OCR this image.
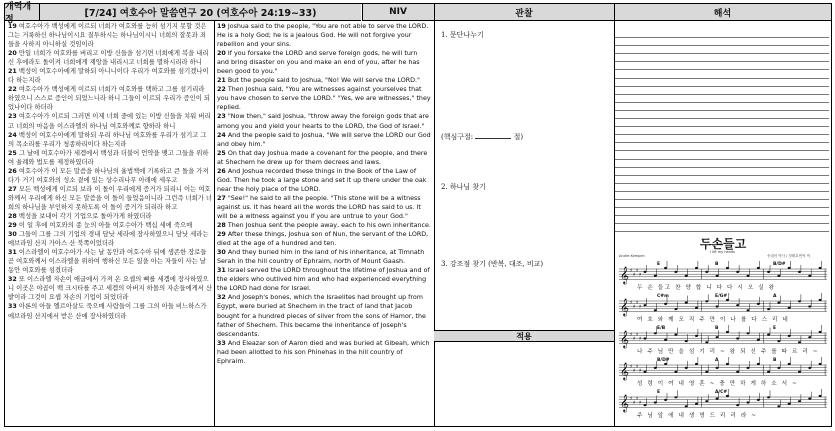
개역개정
[7/24] 여호수아 말씀연구 20 (여호수아 24:19~33)	NIV	관찰	해석
19 여호수아가 백성에게 이르되 너희가 여호와를 능히 섬기지 못할 것은 그는 거룩하신 하나님이시요 질투하시는 하나님이시니 너희의 잘못과 죄들을 사하지 아니하실 것임이라
20 만일 너희가 여호와를 버리고 이방 신들을 섬기면 너희에게 복을 내리신 후에라도 돌이켜 너희에게 재앙을 내리시고 너희를 멸하시리라 하니
21 백성이 여호수아에게 말하되 아니니이다 우리가 여호와를 섬기겠나이다 하는지라
22 여호수아가 백성에게 이르되 너희가 여호와를 택하고 그를 섬기리라 하였으니 스스로 증인이 되었느니라 하니 그들이 이르되 우리가 증인이 되었나이다 하더라
23 여호수아가 이르되 그러면 이제 너희 중에 있는 이방 신들을 치워 버리고 너희의 마음을 이스라엘의 하나님 여호와께로 향하라 하니
24 백성이 여호수아에게 말하되 우리 하나님 여호와를 우리가 섬기고 그의 목소리를 우리가 청종하리이다 하는지라
25 그 날에 여호수아가 세겜에서 백성과 더불어 언약을 맺고 그들을 위하여 율례와 법도를 제정하였더라
26 여호수아가 이 모든 말씀을 하나님의 율법책에 기록하고 큰 돌을 가져다가 거기 여호와의 성소 곁에 있는 상수리나무 아래에 세우고
27 모든 백성에게 이르되 보라 이 돌이 우리에게 증거가 되리니 이는 여호와께서 우리에게 하신 모든 말씀을 이 돌이 들었음이니라 그런즉 너희가 너희의 하나님을 부인하지 못하도록 이 돌이 증거가 되리라 하고
28 백성을 보내어 각기 기업으로 돌아가게 하였더라
29 이 일 후에 여호와의 종 눈의 아들 여호수아가 백십 세에 죽으매
30 그들이 그를 그의 기업의 경내 담낫 세라에 장사하였으니 담낫 세라는 에브라임 산지 가아스 산 북쪽이었더라
31 이스라엘이 여호수아가 사는 날 동안과 여호수아 뒤에 생존한 장로들 곧 여호와께서 이스라엘을 위하여 행하신 모든 일을 아는 자들이 사는 날 동안 여호와를 섬겼더라
32 또 이스라엘 자손이 애굽에서 가져 온 요셉의 뼈를 세겜에 장사하였으니 이곳은 야곱이 백 크시타를 주고 세겜의 아버지 하몰의 자손들에게서 산 밭이라 그것이 요셉 자손의 기업이 되었더라
33 아론의 아들 엘르아살도 죽으매 사람들이 그를 그의 아들 비느하스가 에브라임 산지에서 받은 산에 장사하였더라
19 Joshua said to the people, "You are not able to serve the LORD. He is a holy God; he is a jealous God. He will not forgive your rebellion and your sins.
20 If you forsake the LORD and serve foreign gods, he will turn and bring disaster on you and make an end of you, after he has been good to you."
21 But the people said to Joshua, "No! We will serve the LORD."
22 Then Joshua said, "You are witnesses against yourselves that you have chosen to serve the LORD." "Yes, we are witnesses," they replied.
23 "Now then," said Joshua, "throw away the foreign gods that are among you and yield your hearts to the LORD, the God of Israel."
24 And the people said to Joshua, "We will serve the LORD our God and obey him."
25 On that day Joshua made a covenant for the people, and there at Shechem he drew up for them decrees and laws.
26 And Joshua recorded these things in the Book of the Law of God. Then he took a large stone and set it up there under the oak near the holy place of the LORD.
27 "See!" he said to all the people. "This stone will be a witness against us. It has heard all the words the LORD has said to us. It will be a witness against you if you are untrue to your God."
28 Then Joshua sent the people away, each to his own inheritance.
29 After these things, Joshua son of Nun, the servant of the LORD, died at the age of a hundred and ten.
30 And they buried him in the land of his inheritance, at Timnath Serah in the hill country of Ephraim, north of Mount Gaash.
31 Israel served the LORD throughout the lifetime of Joshua and of the elders who outlived him and who had experienced everything the LORD had done for Israel.
32 And Joseph's bones, which the Israelites had brought up from Egypt, were buried at Shechem in the tract of land that Jacob bought for a hundred pieces of silver from the sons of Hamor, the father of Shechem. This became the inheritance of Joseph's descendants.
33 And Eleazar son of Aaron died and was buried at Gibeah, which had been allotted to his son Phinehas in the hill country of Ephraim.
1. 문단나누기
(핵심구절:	절)
2. 하나님 찾기
3. 강조점 찾기 (반복, 대조, 비교)
적용
두손들고
I lift my hands
Andre Kempen	송대석 역사 / 정태호번역 역
𝄞 ♯
♯
♯
♯
𝄞 ♯
♯
♯
♯
𝄞 ♯
♯
♯
♯
𝄞 ♯
♯
♯
♯
𝄞 ♯
♯
♯
♯
두 손 들고 찬 양 합 니 다 다 시 오 실 왕
여 호 와 께 오 직 주 만 이 나 를 다 스 리 네
나 주 님 만 을 섬 기 리 ~ 왕 되 신 주 를 따 르 리 ~
성 령 이 여 내 영 혼 ~ 충 만 하 게 하 소 서 ~
주 님 앞 에 내 생 명 드 리 리 라 ~
E	B	B/D#
C#m	E/G#	A
E/B	B	E
B/D#	A	B
E	A/C#
